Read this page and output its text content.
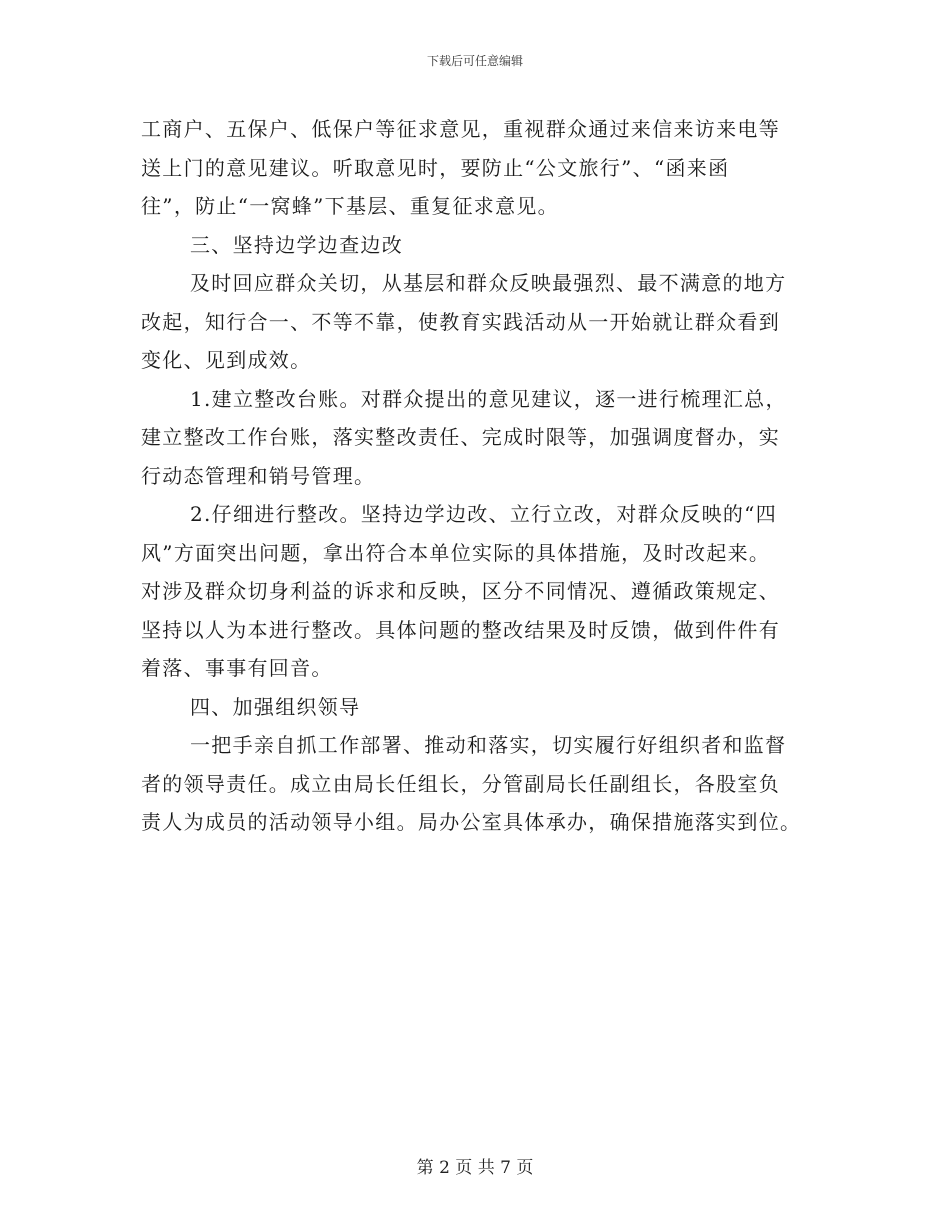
下载后可任意编辑
工商户、五保户、低保户等征求意见，重视群众通过来信来访来电等
送上门的意见建议。听取意见时，要防止“公文旅行”、“函来函
往”，防止“一窝蜂”下基层、重复征求意见。
三、坚持边学边查边改
及时回应群众关切，从基层和群众反映最强烈、最不满意的地方
改起，知行合一、不等不靠，使教育实践活动从一开始就让群众看到
变化、见到成效。
1.建立整改台账。对群众提出的意见建议，逐一进行梳理汇总，
建立整改工作台账，落实整改责任、完成时限等，加强调度督办，实
行动态管理和销号管理。
2.仔细进行整改。坚持边学边改、立行立改，对群众反映的“四
风”方面突出问题，拿出符合本单位实际的具体措施，及时改起来。
对涉及群众切身利益的诉求和反映，区分不同情况、遵循政策规定、
坚持以人为本进行整改。具体问题的整改结果及时反馈，做到件件有
着落、事事有回音。
四、加强组织领导
一把手亲自抓工作部署、推动和落实，切实履行好组织者和监督
者的领导责任。成立由局长任组长，分管副局长任副组长，各股室负
责人为成员的活动领导小组。局办公室具体承办，确保措施落实到位。
第 2 页 共 7 页
